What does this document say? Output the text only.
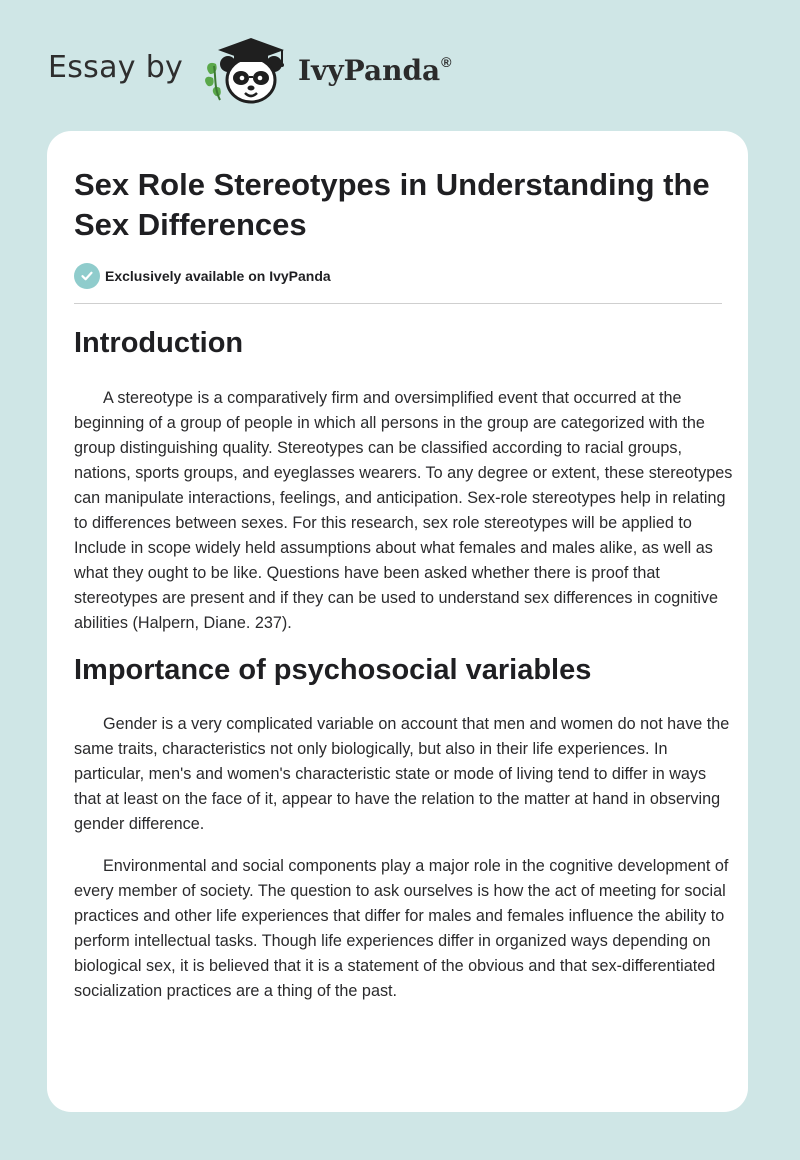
Essay by	IvyPanda®
Sex Role Stereotypes in Understanding the Sex Differences
Exclusively available on IvyPanda
Introduction

A stereotype is a comparatively firm and oversimplified event that occurred at the beginning of a group of people in which all persons in the group are categorized with the group distinguishing quality. Stereotypes can be classified according to racial groups, nations, sports groups, and eyeglasses wearers. To any degree or extent, these stereotypes can manipulate interactions, feelings, and anticipation. Sex-role stereotypes help in relating to differences between sexes. For this research, sex role stereotypes will be applied to Include in scope widely held assumptions about what females and males alike, as well as what they ought to be like. Questions have been asked whether there is proof that stereotypes are present and if they can be used to understand sex differences in cognitive abilities (Halpern, Diane. 237).

Importance of psychosocial variables

Gender is a very complicated variable on account that men and women do not have the same traits, characteristics not only biologically, but also in their life experiences. In particular, men's and women's characteristic state or mode of living tend to differ in ways that at least on the face of it, appear to have the relation to the matter at hand in observing gender difference.

Environmental and social components play a major role in the cognitive development of every member of society. The question to ask ourselves is how the act of meeting for social practices and other life experiences that differ for males and females influence the ability to perform intellectual tasks. Though life experiences differ in organized ways depending on biological sex, it is believed that it is a statement of the obvious and that sex-differentiated socialization practices are a thing of the past.
